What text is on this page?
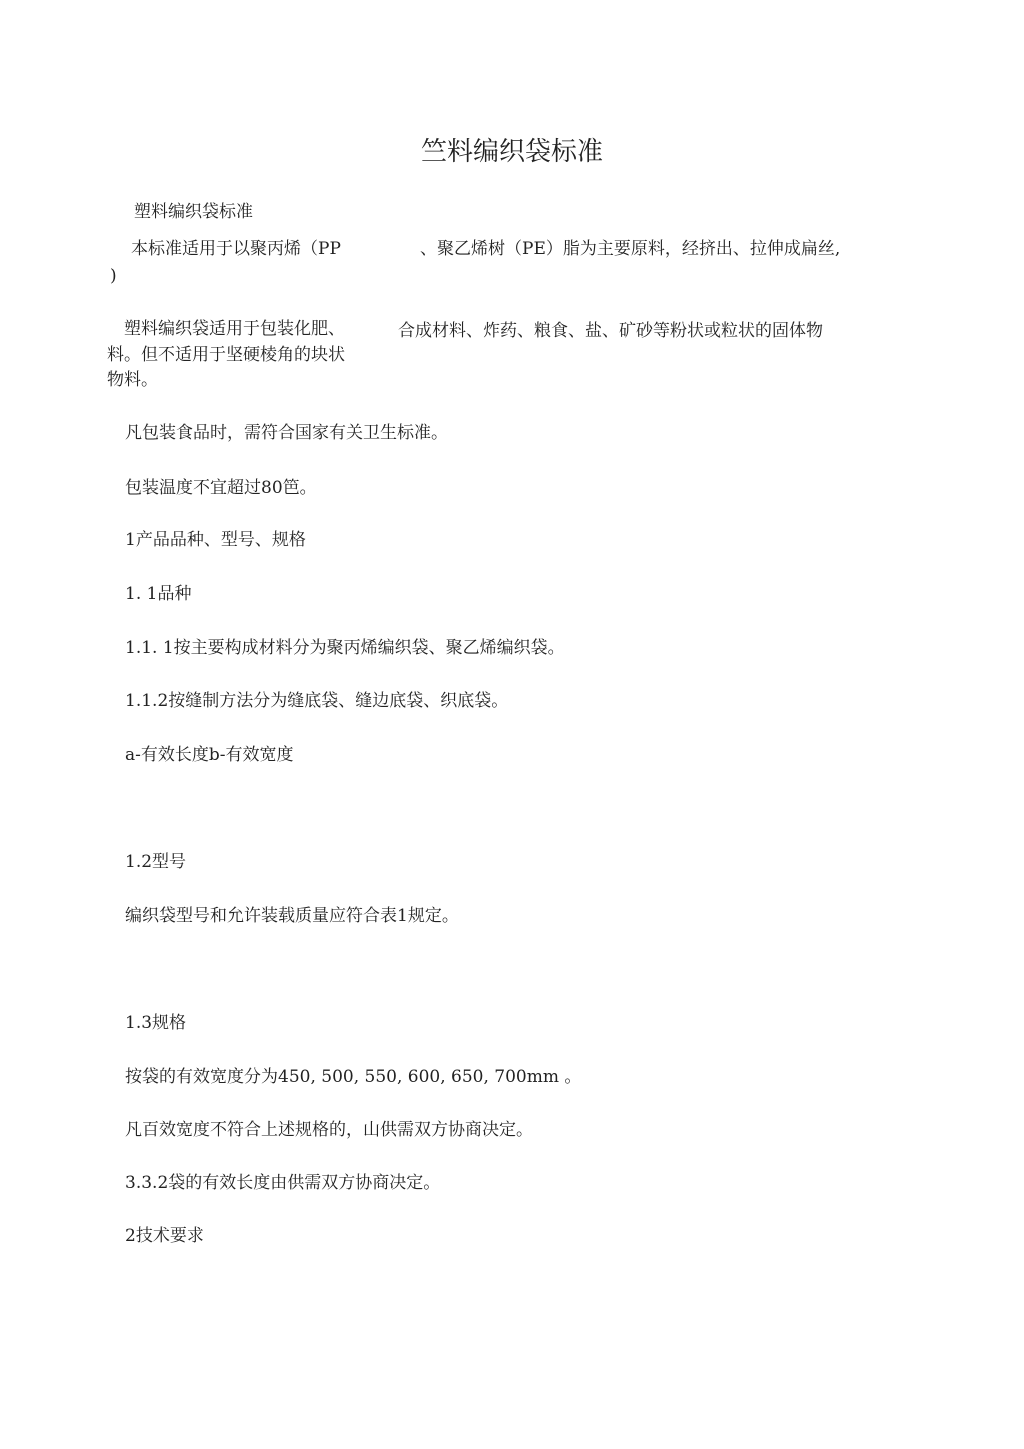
竺料编织袋标准
塑料编织袋标准
本标准适用于以聚丙烯（PP	、聚乙烯树（PE）脂为主要原料，经挤出、拉伸成扁丝,
)
塑料编织袋适用于包装化肥、	合成材料、炸药、粮食、盐、矿砂等粉状或粒状的固体物
料。但不适用于坚硬棱角的块状
物料。
凡包装食品时，需符合国家有关卫生标准。
包装温度不宜超过80笆。
1产品品种、型号、规格
1. 1品种
1.1. 1按主要构成材料分为聚丙烯编织袋、聚乙烯编织袋。
1.1.2按缝制方法分为缝底袋、缝边底袋、织底袋。
a-有效长度b-有效宽度
1.2型号
编织袋型号和允许装载质量应符合表1规定。
1.3规格
按袋的有效宽度分为450, 500, 550, 600, 650, 700mm 。
凡百效宽度不符合上述规格的，山供需双方协商决定。
3.3.2袋的有效长度由供需双方协商决定。
2技术要求
